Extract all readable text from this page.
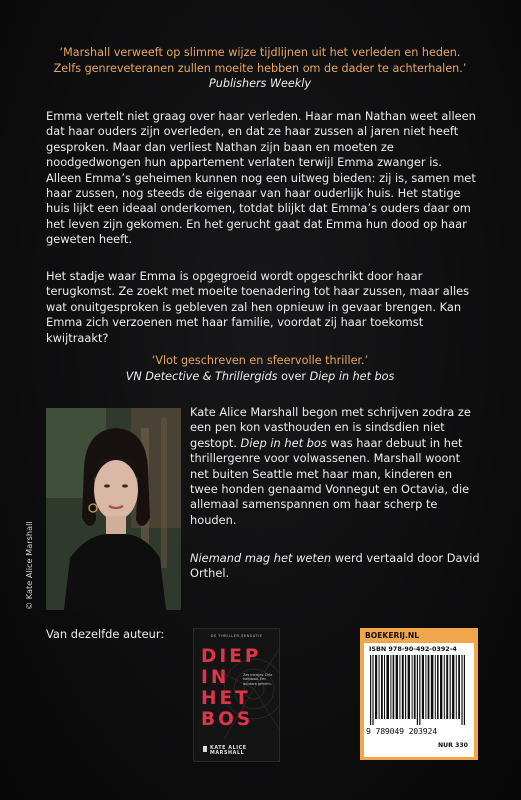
‘Marshall verweeft op slimme wijze tijdlijnen uit het verleden en heden.
Zelfs genreveteranen zullen moeite hebben om de dader te achterhalen.’
Publishers Weekly

Emma vertelt niet graag over haar verleden. Haar man Nathan weet alleen dat haar ouders zijn overleden, en dat ze haar zussen al jaren niet heeft gesproken. Maar dan verliest Nathan zijn baan en moeten ze noodgedwongen hun appartement verlaten terwijl Emma zwanger is. Alleen Emma’s geheimen kunnen nog een uitweg bieden: zij is, samen met haar zussen, nog steeds de eigenaar van haar ouderlijk huis. Het statige huis lijkt een ideaal onderkomen, totdat blijkt dat Emma’s ouders daar om het leven zijn gekomen. En het gerucht gaat dat Emma hun dood op haar geweten heeft.

Het stadje waar Emma is opgegroeid wordt opgeschrikt door haar terugkomst. Ze zoekt met moeite toenadering tot haar zussen, maar alles wat onuitgesproken is gebleven zal hen opnieuw in gevaar brengen. Kan Emma zich verzoenen met haar familie, voordat zij haar toekomst kwijtraakt?

‘Vlot geschreven en sfeervolle thriller.’
VN Detective & Thrillergids over Diep in het bos
© Kate Alice Marshall

Kate Alice Marshall begon met schrijven zodra ze een pen kon vasthouden en is sindsdien niet gestopt. Diep in het bos was haar debuut in het thrillergenre voor volwassenen. Marshall woont net buiten Seattle met haar man, kinderen en twee honden genaamd Vonnegut en Octavia, die allemaal samenspannen om haar scherp te houden.

Niemand mag het weten werd vertaald door David Orthel.

Van dezelfde auteur:	DE THRILLER-SENSATIE
DIEP
IN
HET
BOS
Zes meisjes. Drie halfdood. Een duistere geheim.
KATE ALICE MARSHALL
BOEKERIJ.NL
ISBN 978-90-492-0392-4
9 789049 203924
NUR 330
